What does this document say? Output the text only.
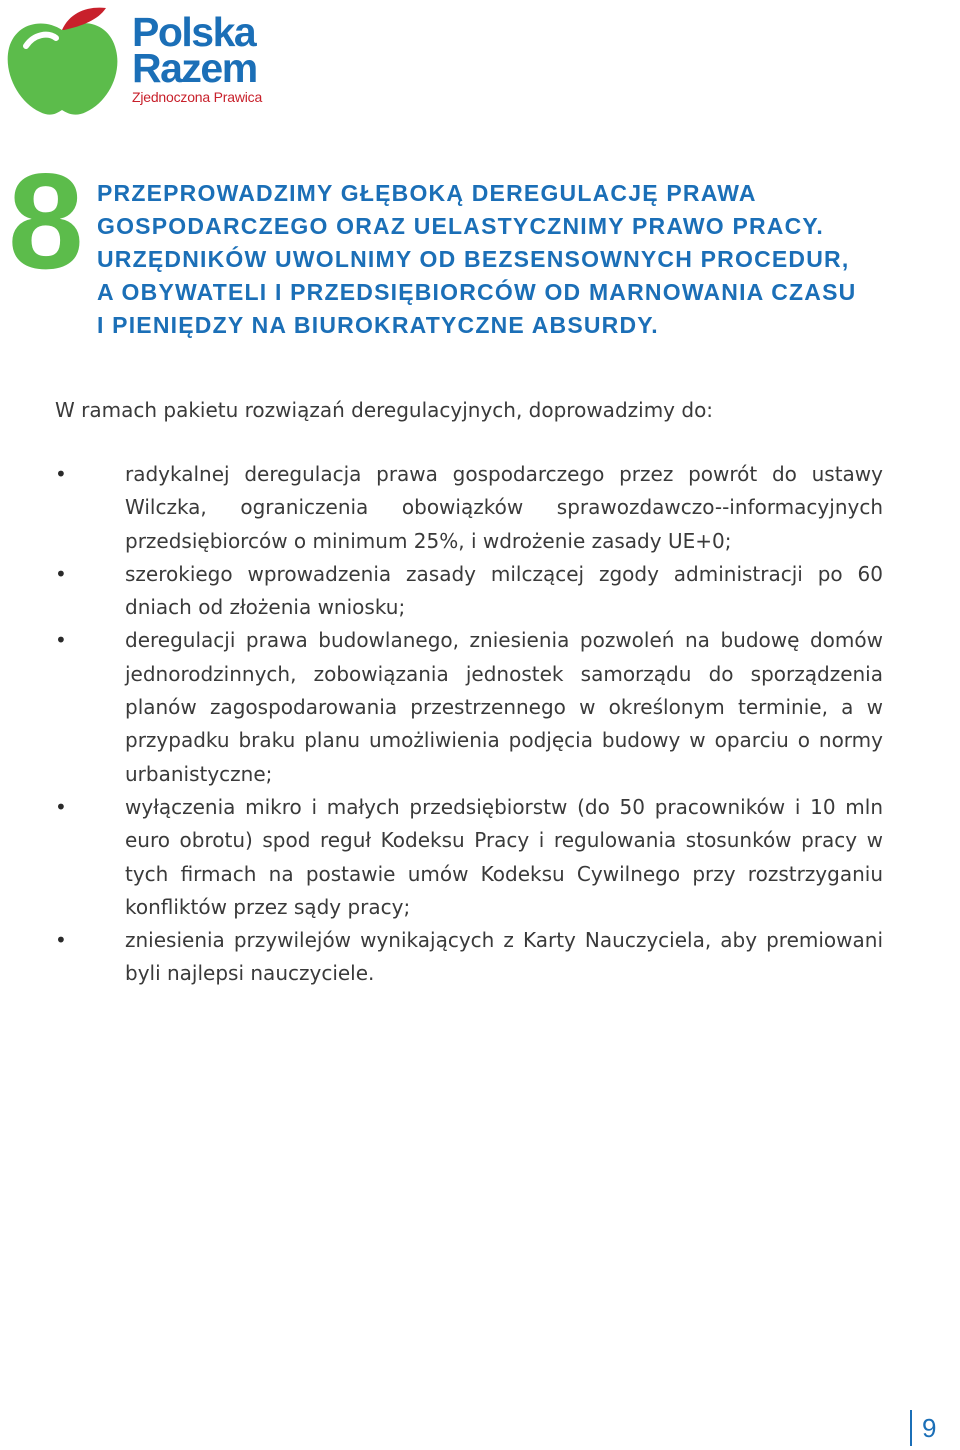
Polska
Razem
Zjednoczona Prawica
8 PRZEPROWADZIMY GŁĘBOKĄ DEREGULACJĘ PRAWA
GOSPODARCZEGO ORAZ UELASTYCZNIMY PRAWO PRACY.
URZĘDNIKÓW UWOLNIMY OD BEZSENSOWNYCH PROCEDUR,
A OBYWATELI I PRZEDSIĘBIORCÓW OD MARNOWANIA CZASU
I PIENIĘDZY NA BIUROKRATYCZNE ABSURDY.
W ramach pakietu rozwiązań deregulacyjnych, doprowadzimy do:
•	radykalnej deregulacja prawa gospodarczego przez powrót do ustawy Wilczka, ograniczenia obowiązków sprawozdawczo--informacyjnych przedsiębiorców o minimum 25%, i wdrożenie zasady UE+0;
•	szerokiego wprowadzenia zasady milczącej zgody administracji po 60 dniach od złożenia wniosku;
•	deregulacji prawa budowlanego, zniesienia pozwoleń na budowę domów jednorodzinnych, zobowiązania jednostek samorządu do sporządzenia planów zagospodarowania przestrzennego w określonym terminie, a w przypadku braku planu umożliwienia podjęcia budowy w oparciu o normy urbanistyczne;
•	wyłączenia mikro i małych przedsiębiorstw (do 50 pracowników i 10 mln euro obrotu) spod reguł Kodeksu Pracy i regulowania stosunków pracy w tych firmach na postawie umów Kodeksu Cywilnego przy rozstrzyganiu konfliktów przez sądy pracy;
•	zniesienia przywilejów wynikających z Karty Nauczyciela, aby premiowani byli najlepsi nauczyciele.
9
